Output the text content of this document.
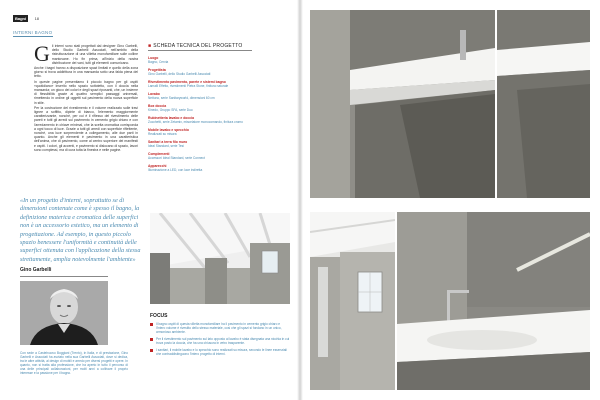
Bagni 18
INTERNI BAGNO
G li interni sono stati progettati dal designer Gino Garbelli, dello Studio Garbelli Associati, nell'ambito della ristrutturazione di una villetta monofamiliare sulle colline mantovane. Ho fin prima, all'inizio della nostra distribuzione dei vani, tutti gli elementi comunicano.

Anche i bagni hanno a disposizione spazi limitati e quello della zona giorno si trova addirittura in una mansarda sotto una falda piena del tetto.

In queste pagine presentiamo il piccolo bagno per gli ospiti «quotidiano» inserito nello spazio sottotetto, con il doccia nella mansarda; un gioco dei colori e degli spazi riposanti, che, un insieme di flessibilità grazie ai quattro semplici passaggi universali, rimettendo in ordine gli oggetti sul pavimento della nuova superficie in stile.

Per la costruzione del rivestimento e il volume realizzato sulle travi lignee a soffitto, dipinte di bianco, l'elemento maggiormente caratterizzante, nonché, per cui è il riflesso del rivestimento delle pareti e tutti gli arredi sul pavimento in cemento grigio chiaro e con l'arredamento in chiave minimal, che la scelta cromatica corrisponda a ogni tocco di luce. Grazie a tutti gli arredi con superficie riflettente, nonché, una luce sorprendente a collegamento, alle due parti in quanto. Anche gli elementi è pavimento in una caratteristica dell'anima, che di pavimento, come al centro superiore dei manifesti e ospiti. I colori, gli accenti, e pavimento si dislocano di spazio, lavori sono complessi, ma di cura tutta la finestra e nelle pagine.

«In un progetto d'interni, soprattutto se di dimensioni contenute come è spesso il bagno, la definizione materica e cromatica delle superfici non è un accessorio estetico, ma un elemento di progettazione. Ad esempio, in questo piccolo spazio benessere l'uniformità e continuità delle superfici ottenuta con l'applicazione della stessa strettamente, amplia notevolmente l'ambiente»
Gino Garbelli
Con sede a Castelnuovo Boggiani (Trento), in Italia, e di prestazione, Gino Garbelli e Associati ha avviato nella sua Garbelli Associati, dove si dedica, tra le altre attività, al design di mobili e arredo per diversi progetti e opere. In quanto, non si tratta alla professione, che ha aperto in tutto il percorso di una delle principali collaborazioni, per molti anni a coltivare il proprio interesse e la passione per il bagno.
■ SCHEDA TECNICA DEL PROGETTO
Luogo
Bagno, Cervia
Progettista
Gino Garbelli, dello Studio Garbelli Associati
Rivestimento pavimento, parete e sistemi bagno
Lamalli Effetto, rivestimenti Pietra Stone, finitura naturale
Lavabo
Nettuno, serie Sanitaryworld, dimensioni 60 cm
Box doccia
Kinedo, Gruppo SFA, serie Duo
Rubinetteria lavabo e doccia
Zucchetti, serie Zetamix, miscelatore monocomando, finitura cromo
Mobile lavabo e specchio
Realizzati su misura
Sanitari a terra filo muro
Ideal Standard, serie Tesi
Complementi
Accessori Ideal Standard, serie Connect
Apparecchi
Illuminazione a LED, con luce indiretta
FOCUS
Il bagno ospiti di questa villetta monofamiliare ha il pavimento in cemento grigio chiaro e l'intero volume è rivestito dello stesso materiale, così che gli spazi si fondano in un unico, armonioso ambiente.
Per il rivestimento sul pavimento sul lato opposto al lavabo è stata disegnata una nicchia in cui trova posto la doccia, che ha una chiusura in vetro trasparente.
I sanitari, il mobile lavabo e lo specchio sono realizzati su misura, secondo le linee essenziali che contraddistinguono l'intero progetto di interni.
